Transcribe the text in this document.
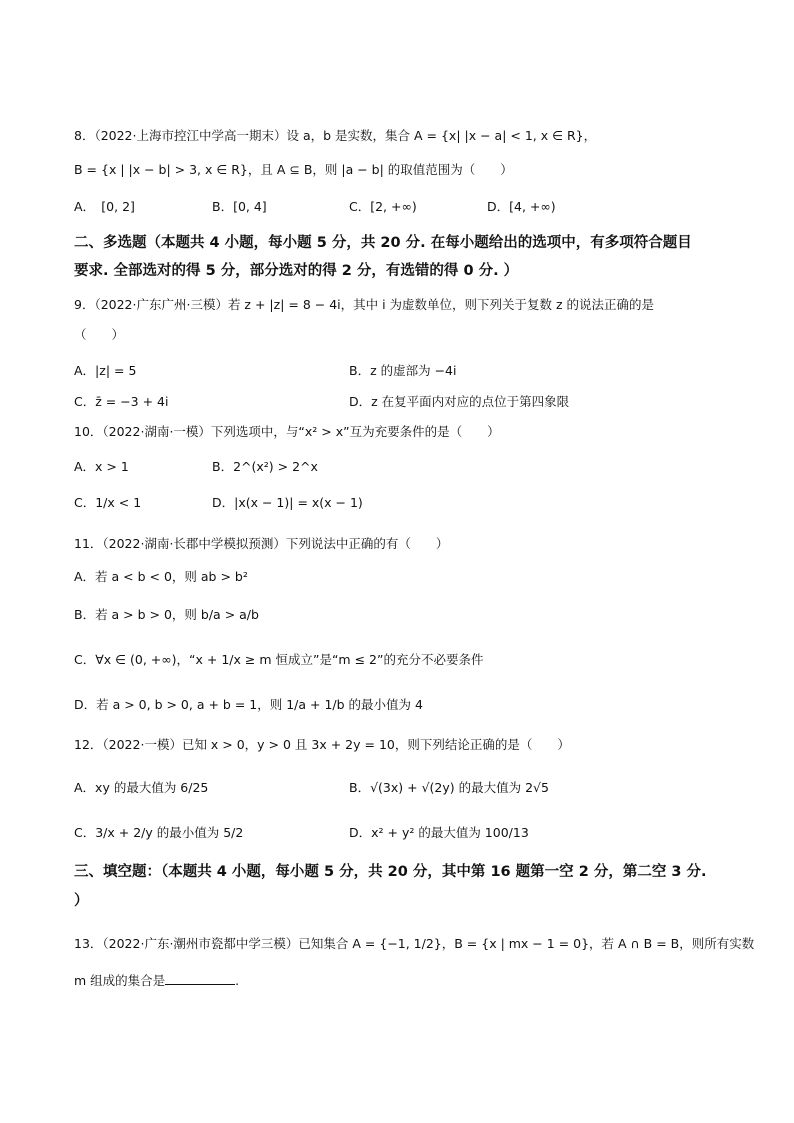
8．（2022·上海市控江中学高一期末）设 a，b 是实数，集合 A = {x| |x − a| < 1, x ∈ R}，
B = {x | |x − b| > 3, x ∈ R}，且 A ⊆ B，则 |a − b| 的取值范围为（　　）
A．　[0, 2]	B．[0, 4]	C．[2, +∞)	D．[4, +∞)
二、多选题（本题共 4 小题，每小题 5 分，共 20 分. 在每小题给出的选项中，有多项符合题目
要求. 全部选对的得 5 分，部分选对的得 2 分，有选错的得 0 分. ）
9．（2022·广东广州·三模）若 z + |z| = 8 − 4i，其中 i 为虚数单位，则下列关于复数 z 的说法正确的是
（　　）
A．|z| = 5	B．z 的虚部为 −4i
C．z̄ = −3 + 4i	D．z 在复平面内对应的点位于第四象限
10．（2022·湖南·一模）下列选项中，与“x² > x”互为充要条件的是（　　）
A．x > 1	B．2^(x²) > 2^x
C．1/x < 1	D．|x(x − 1)| = x(x − 1)
11．（2022·湖南·长郡中学模拟预测）下列说法中正确的有（　　）
A．若 a < b < 0，则 ab > b²
B．若 a > b > 0，则 b/a > a/b
C．∀x ∈ (0, +∞)，“x + 1/x ≥ m 恒成立”是“m ≤ 2”的充分不必要条件
D．若 a > 0, b > 0, a + b = 1，则 1/a + 1/b 的最小值为 4
12．（2022·一模）已知 x > 0，y > 0 且 3x + 2y = 10，则下列结论正确的是（　　）
A．xy 的最大值为 6/25	B．√(3x) + √(2y) 的最大值为 2√5
C．3/x + 2/y 的最小值为 5/2	D．x² + y² 的最大值为 100/13
三、填空题：（本题共 4 小题，每小题 5 分，共 20 分，其中第 16 题第一空 2 分，第二空 3 分.
）
13．（2022·广东·潮州市瓷都中学三模）已知集合 A = {−1, 1/2}，B = {x | mx − 1 = 0}，若 A ∩ B = B，则所有实数
m 组成的集合是	.
